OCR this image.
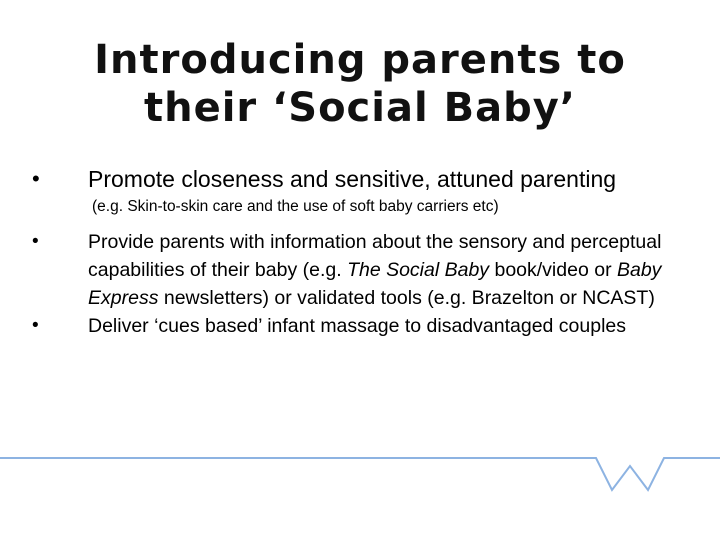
Introducing parents to
their ‘Social Baby’
• Promote closeness and sensitive, attuned parenting
(e.g. Skin-to-skin care and the use of soft baby carriers etc)
•	Provide parents with information about the sensory and perceptual capabilities of their baby (e.g. The Social Baby book/video or Baby Express newsletters) or validated tools (e.g. Brazelton or NCAST)
•	Deliver ‘cues based’ infant massage to disadvantaged couples
